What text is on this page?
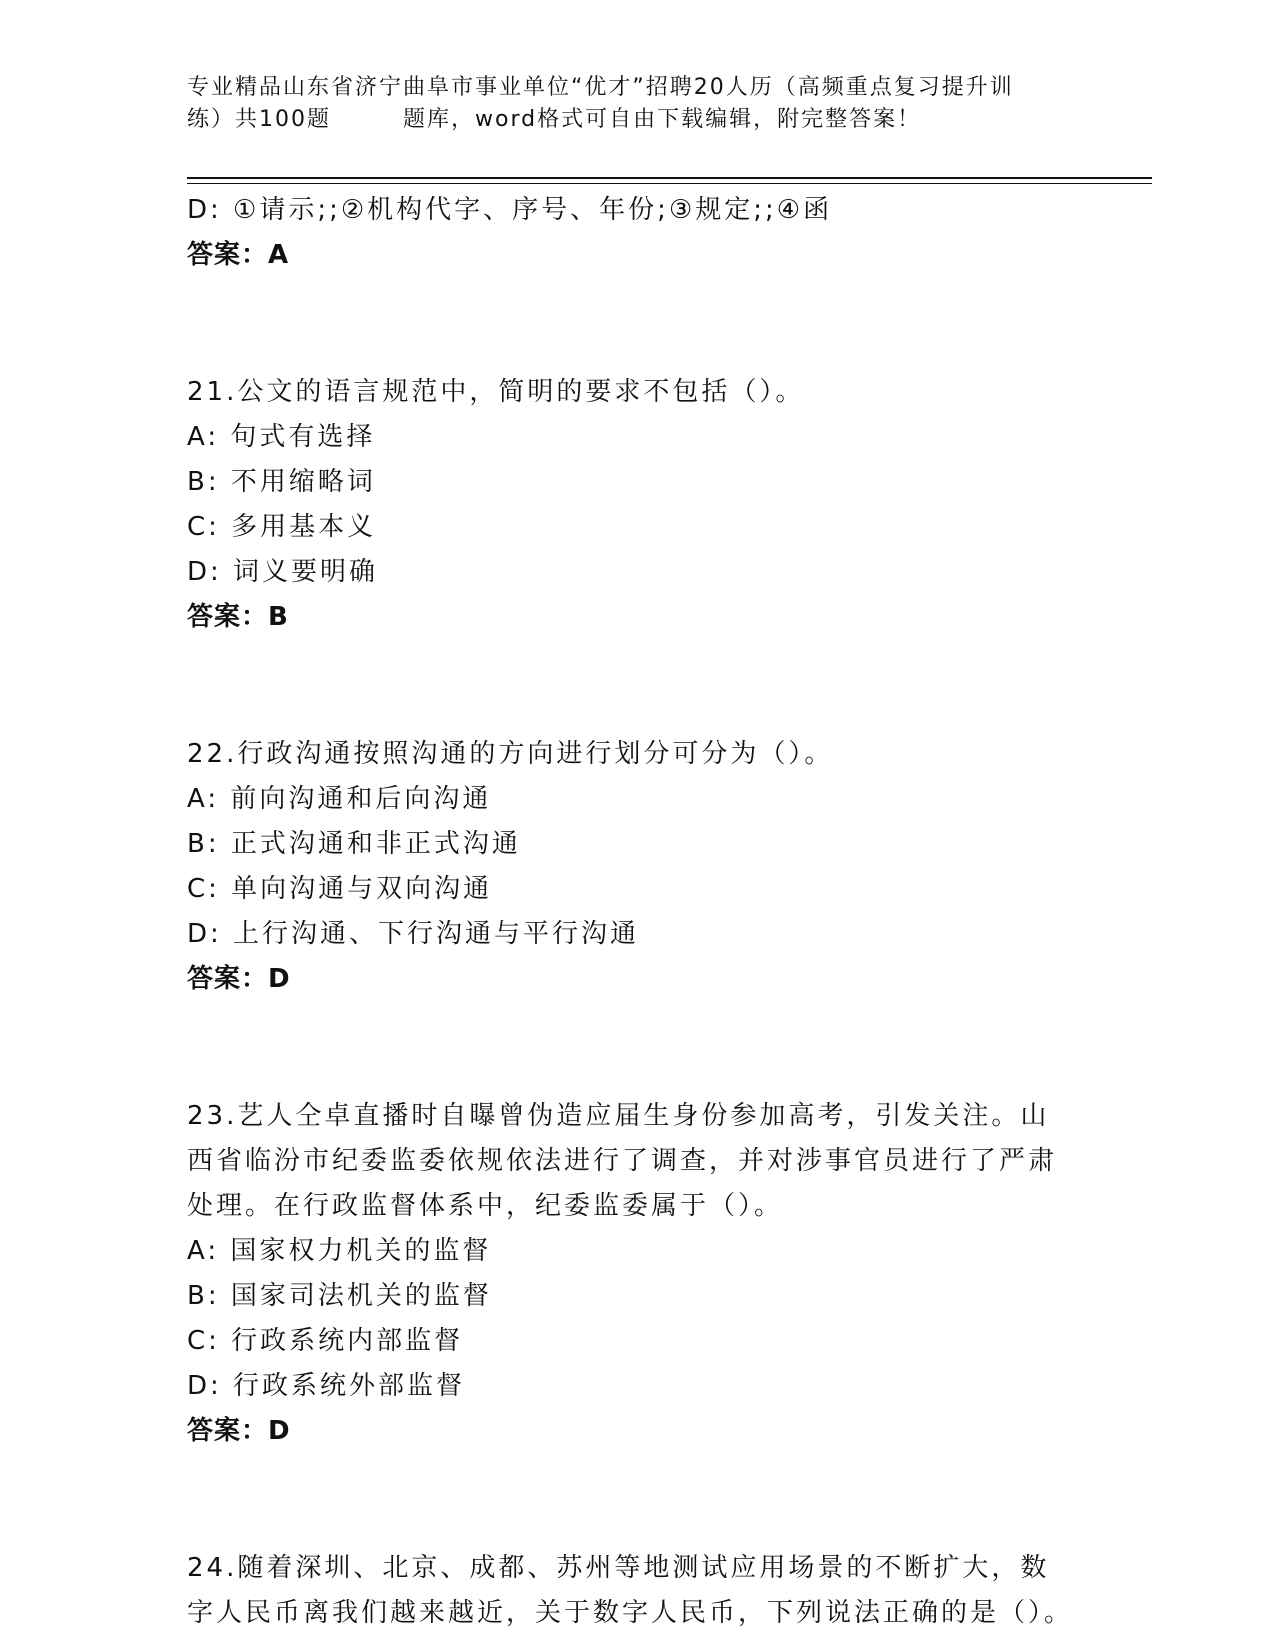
专业精品山东省济宁曲阜市事业单位“优才”招聘20人历（高频重点复习提升训
练）共100题	题库，word格式可自由下载编辑，附完整答案！
D: ①请示;;②机构代字、序号、年份;③规定;;④函
答案：A
21.公文的语言规范中，简明的要求不包括（）。
A: 句式有选择
B: 不用缩略词
C: 多用基本义
D: 词义要明确
答案：B
22.行政沟通按照沟通的方向进行划分可分为（）。
A: 前向沟通和后向沟通
B: 正式沟通和非正式沟通
C: 单向沟通与双向沟通
D: 上行沟通、下行沟通与平行沟通
答案：D
23.艺人仝卓直播时自曝曾伪造应届生身份参加高考，引发关注。山西省临汾市纪委监委依规依法进行了调查，并对涉事官员进行了严肃处理。在行政监督体系中，纪委监委属于（）。
A: 国家权力机关的监督
B: 国家司法机关的监督
C: 行政系统内部监督
D: 行政系统外部监督
答案：D
24.随着深圳、北京、成都、苏州等地测试应用场景的不断扩大，数字人民币离我们越来越近，关于数字人民币，下列说法正确的是（）。
